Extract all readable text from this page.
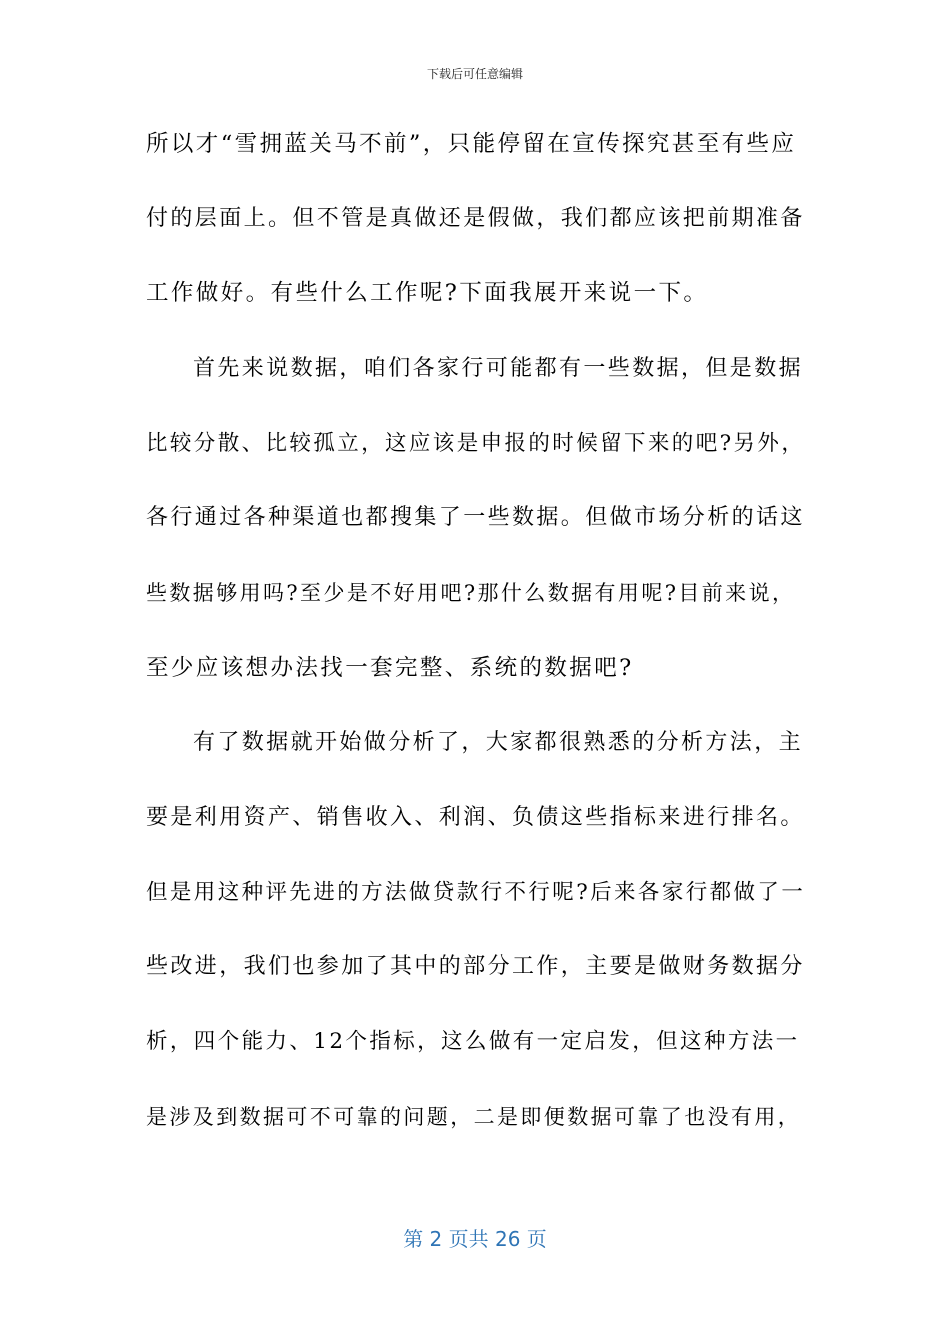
下载后可任意编辑
所以才“雪拥蓝关马不前”，只能停留在宣传探究甚至有些应
付的层面上。但不管是真做还是假做，我们都应该把前期准备
工作做好。有些什么工作呢?下面我展开来说一下。
首先来说数据，咱们各家行可能都有一些数据，但是数据
比较分散、比较孤立，这应该是申报的时候留下来的吧?另外，
各行通过各种渠道也都搜集了一些数据。但做市场分析的话这
些数据够用吗?至少是不好用吧?那什么数据有用呢?目前来说，
至少应该想办法找一套完整、系统的数据吧?
有了数据就开始做分析了，大家都很熟悉的分析方法，主
要是利用资产、销售收入、利润、负债这些指标来进行排名。
但是用这种评先进的方法做贷款行不行呢?后来各家行都做了一
些改进，我们也参加了其中的部分工作，主要是做财务数据分
析，四个能力、12个指标，这么做有一定启发，但这种方法一
是涉及到数据可不可靠的问题，二是即便数据可靠了也没有用，
第 2 页共 26 页
